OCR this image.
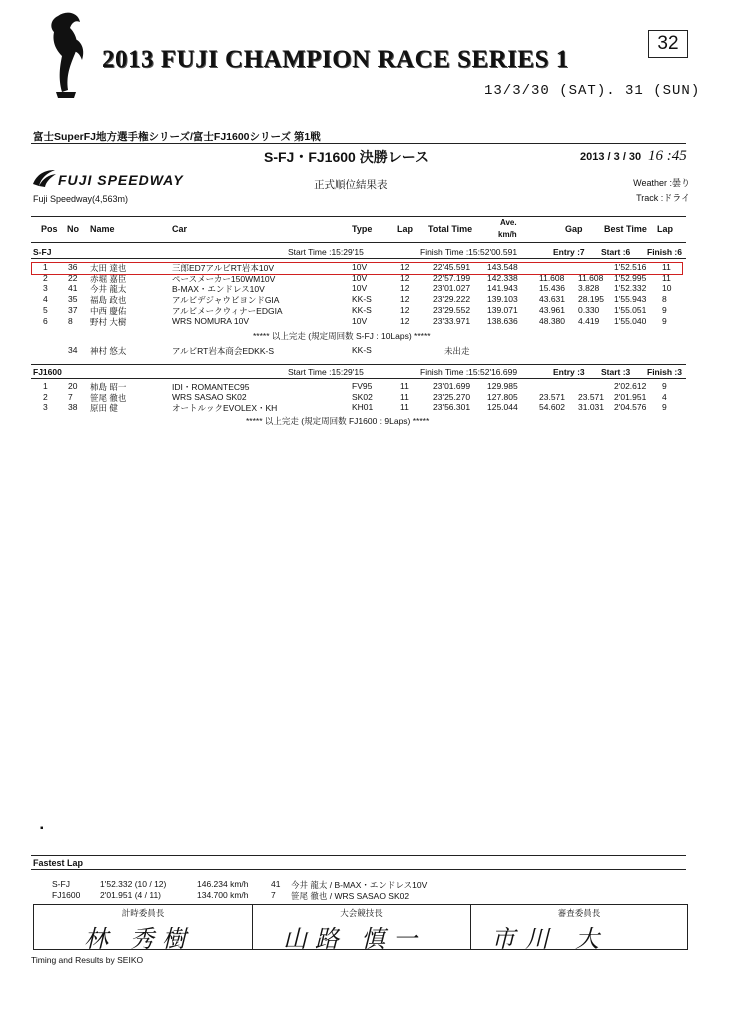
32
2013 FUJI CHAMPION RACE SERIES 1
13/3/30 (SAT). 31 (SUN)
富士SuperFJ地方選手権シリーズ/富士FJ1600シリーズ 第1戦
S-FJ・FJ1600 決勝レース	2013 / 3 / 30 16 :45
FUJI SPEEDWAY
Fuji Speedway(4,563m)
正式順位結果表	Weather :曇り
Track :ドライ
Pos No Name	Car	Type	Lap Total Time
Ave.
km/h
Gap Best Time Lap
S-FJ	Start Time :15:29'15	Finish Time :15:52'00.591	Entry :7 Start :6 Finish :6
1 36 太田 達也	三郎ED7アルビRT岩本10V	10V	12	22'45.591 143.548	1'52.516 11
2 22 赤堀 嘉臣	ペースメーカー150WM10V	10V	12	22'57.199 142.338	11.608 11.608 1'52.995 11
3 41 今井 龍太	B-MAX・エンドレス10V	10V	12	23'01.027 141.943	15.436 3.828 1'52.332 10
4 35 福島 政也	アルビデジャウビヨンドGIA	KK-S	12	23'29.222 139.103	43.631 28.195 1'55.943 8
5 37 中西 慶佑	アルビメークウィナーEDGIA	KK-S	12	23'29.552 139.071	43.961 0.330 1'55.051 9
6 8 野村 大樹	WRS NOMURA 10V	10V	12	23'33.971 138.636	48.380 4.419 1'55.040 9
***** 以上完走 (規定周回数 S-FJ : 10Laps) *****
34 神村 悠太	アルビRT岩本商会EDKK-S	KK-S	未出走
FJ1600	Start Time :15:29'15	Finish Time :15:52'16.699	Entry :3 Start :3 Finish :3
1 20 柿島 昭一	IDI・ROMANTEC95	FV95	11	23'01.699 129.985	2'02.612 9
2 7 笹尾 徹也	WRS SASAO SK02	SK02	11	23'25.270 127.805	23.571 23.571 2'01.951 4
3 38 原田 健	オートルックEVOLEX・KH	KH01	11	23'56.301 125.044	54.602 31.031 2'04.576 9
***** 以上完走 (規定周回数 FJ1600 : 9Laps) *****
▪
Fastest Lap
S-FJ	1'52.332 (10 / 12)	146.234 km/h	41 今井 龍太 / B-MAX・エンドレス10V
FJ1600 2'01.951 (4 / 11)	134.700 km/h	7 笹尾 徹也 / WRS SASAO SK02
計時委員長
林 秀樹
大会競技長
山路 慎一
審査委員長
市川 大
Timing and Results by SEIKO
